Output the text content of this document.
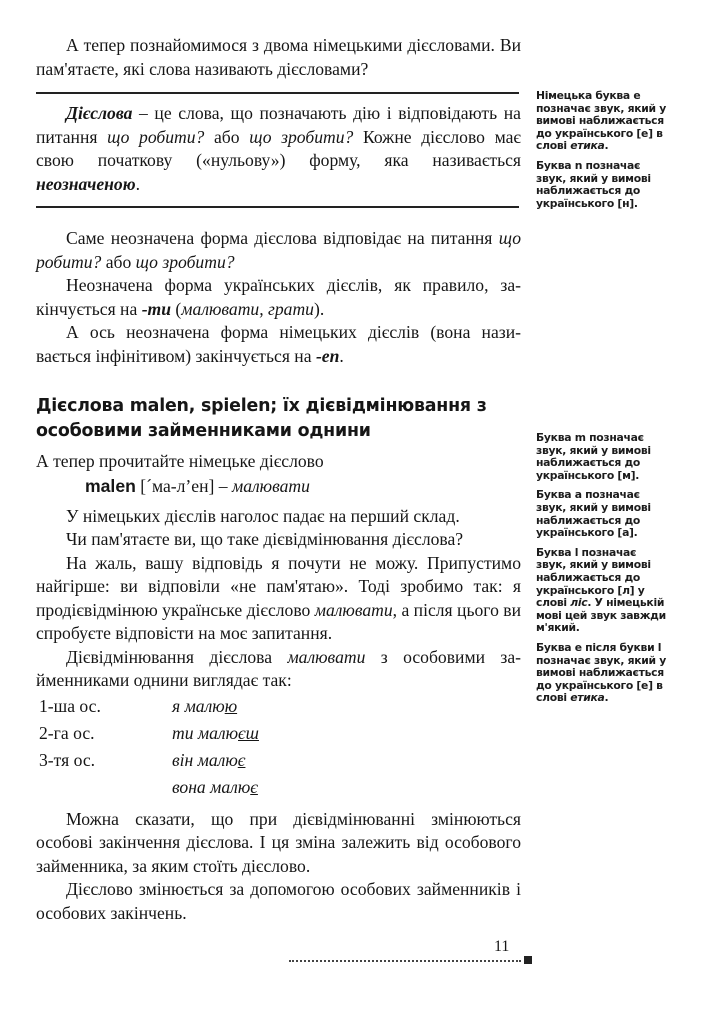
А тепер познайомимося з двома німецькими дієсловами. Ви пам'ятаєте, які слова називають дієсловами?

Дієслова – це слова, що позначають дію і відповідають на питання що робити? або що зробити? Кожне дієслово має свою початкову («нульову») форму, яка називається неозначеною.

Саме неозначена форма дієслова відповідає на питання що робити? або що зробити?

Неозначена форма українських дієслів, як правило, закінчується на -ти (малювати, грати).

А ось неозначена форма німецьких дієслів (вона називається інфінітивом) закінчується на -en.

Дієслова malen, spielen; їх дієвідмінювання з особовими займенниками однини

А тепер прочитайте німецьке дієслово

malen [ˊма-л’ен] – малювати

У німецьких дієслів наголос падає на перший склад.

Чи пам'ятаєте ви, що таке дієвідмінювання дієслова?

На жаль, вашу відповідь я почути не можу. Припустимо найгірше: ви відповіли «не пам'ятаю». Тоді зробимо так: я продієвідмінюю українське дієслово малювати, а після цього ви спробуєте відповісти на моє запитання.

Дієвідмінювання дієслова малювати з особовими займенниками однини виглядає так:

1-ша ос.	я малюю
2-га ос.	ти малюєш
3-тя ос.	він малює
вона малює

Можна сказати, що при дієвідмінюванні змінюються особові закінчення дієслова. І ця зміна залежить від особового займенника, за яким стоїть дієслово.

Дієслово змінюється за допомогою особових займенників і особових закінчень.

Німецька буква e позначає звук, який у вимові наближається до українського [е] в слові етика.

Буква n позначає звук, який у вимові наближається до українського [н].

Буква m позначає звук, який у вимові наближається до українського [м].

Буква a позначає звук, який у вимові наближається до українського [а].

Буква l позначає звук, який у вимові наближається до українського [л] у слові ліс. У німецькій мові цей звук завжди м'який.

Буква e після букви l позначає звук, який у вимові наближається до українського [е] в слові етика.

11
